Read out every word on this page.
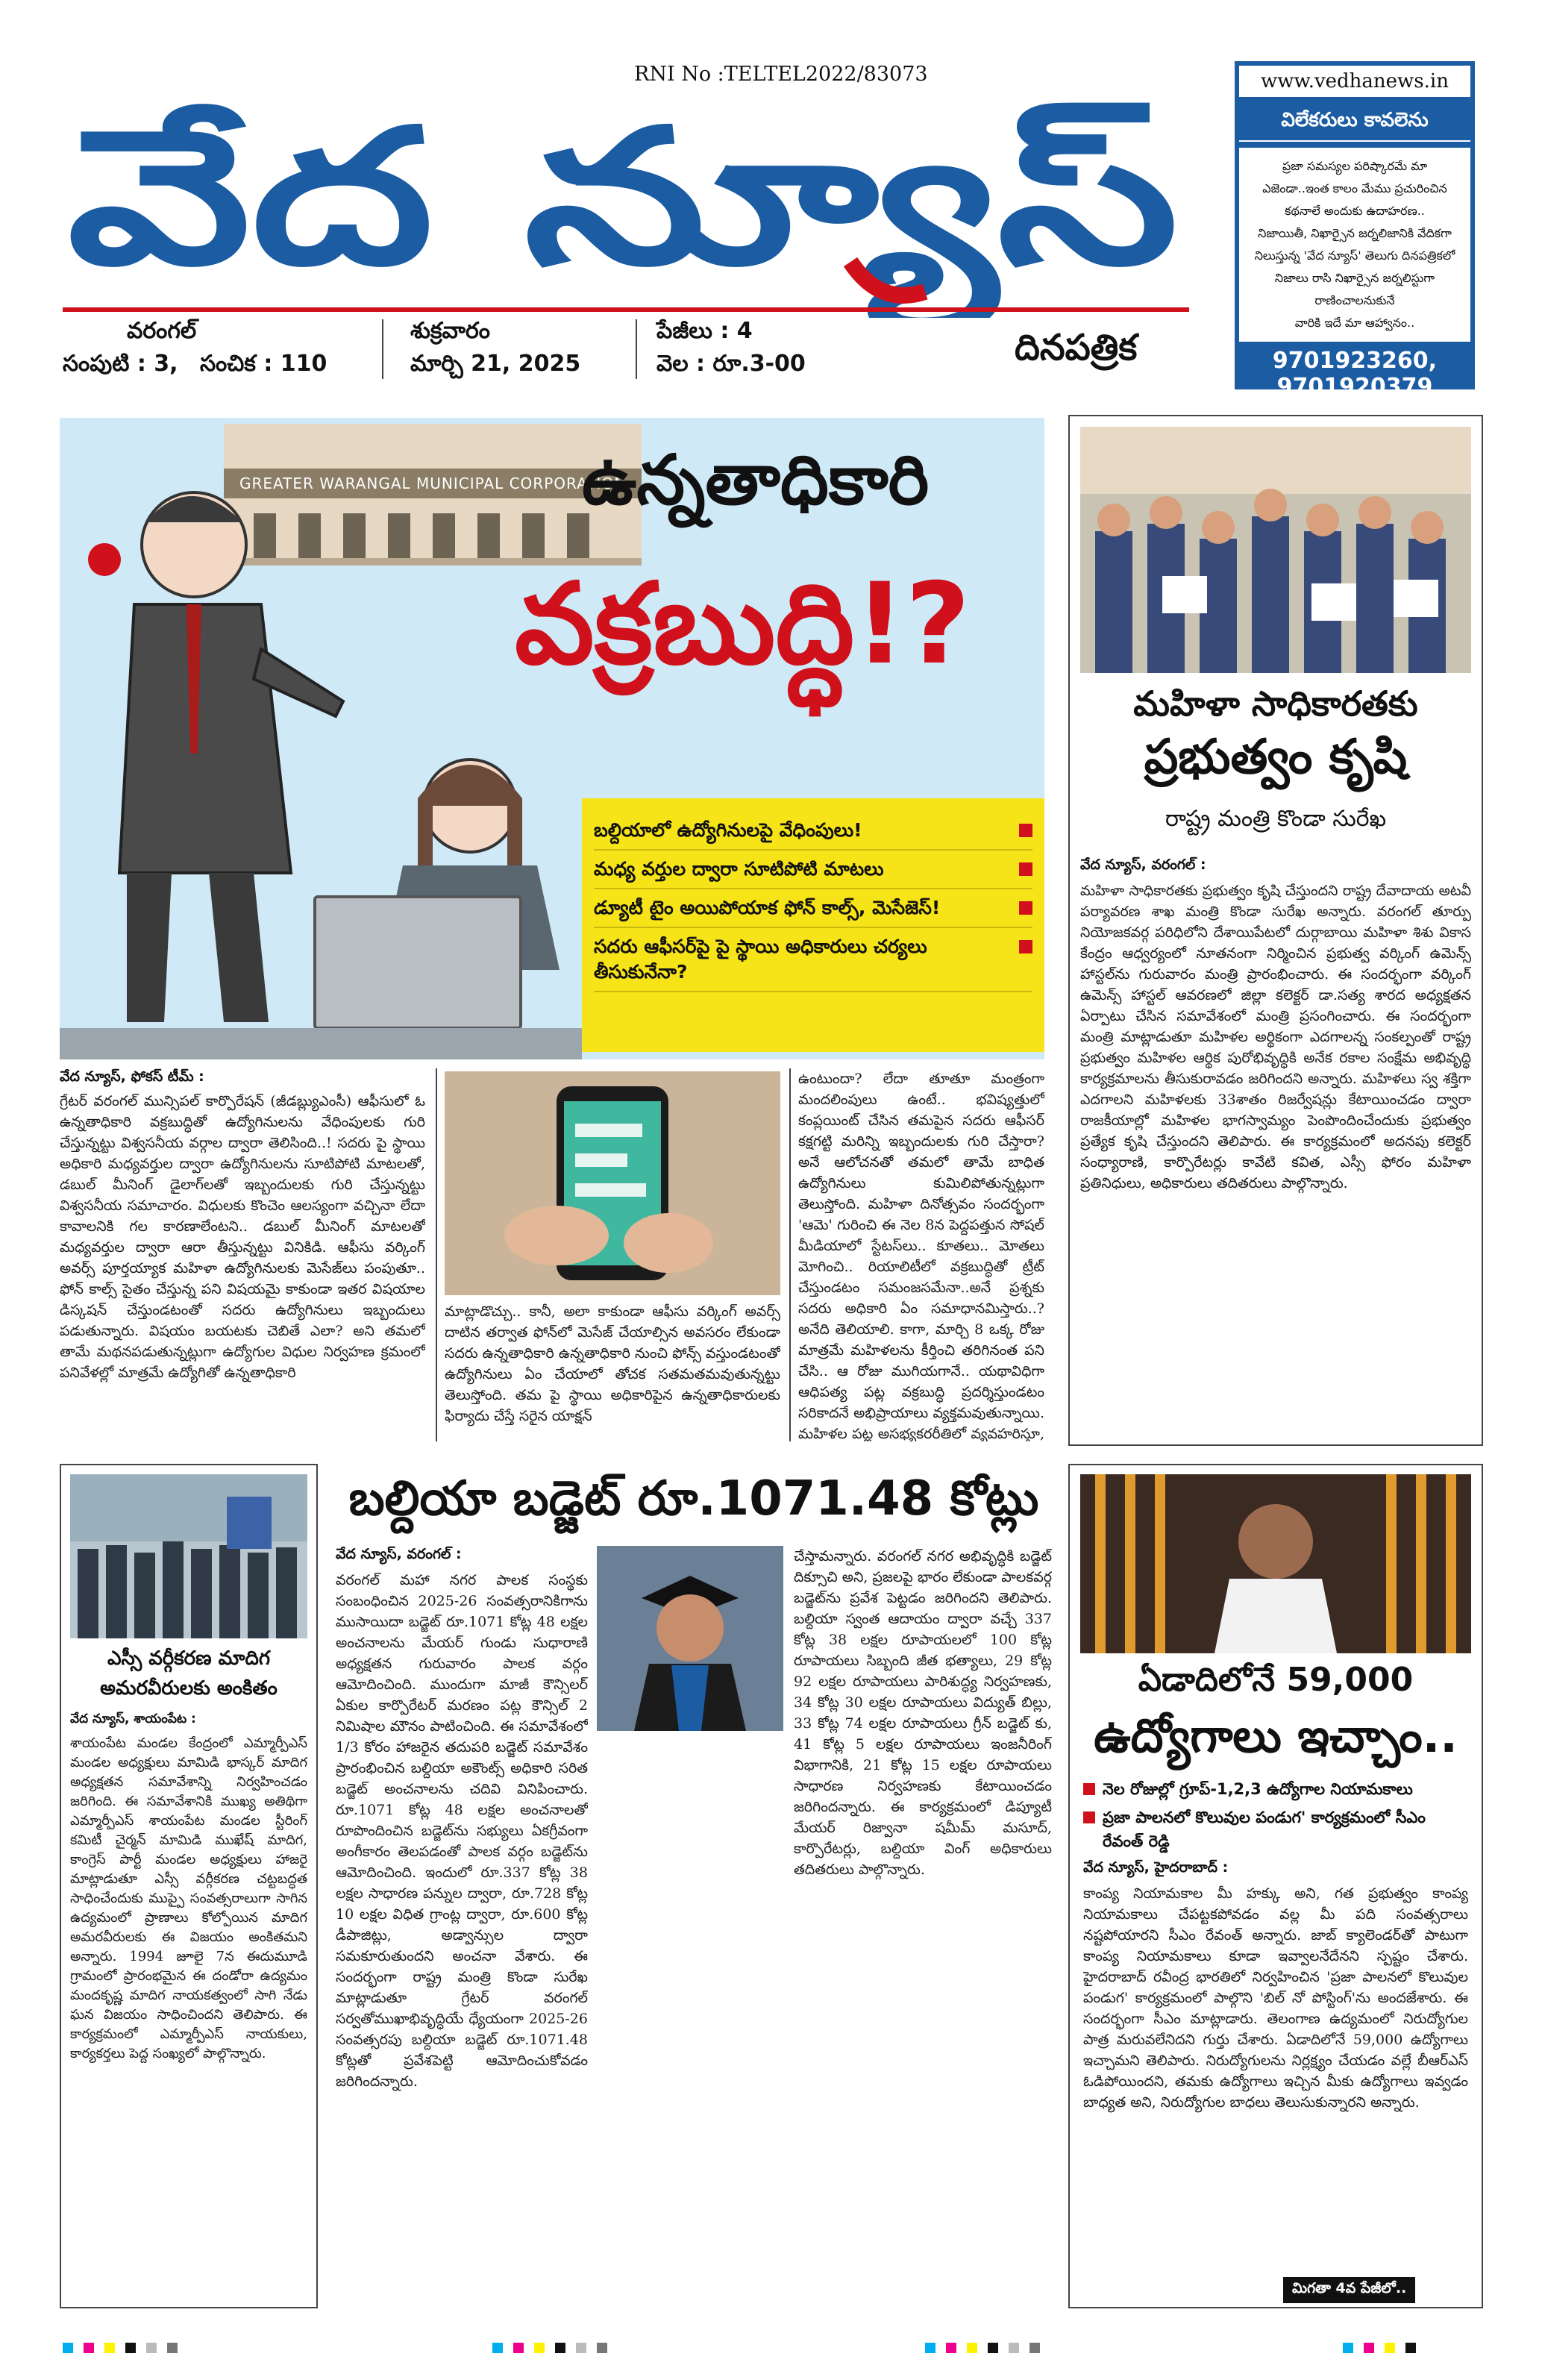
RNI No :TELTEL2022/83073
వేద న్యూస్
వరంగల్
సంపుటి : 3, సంచిక : 110
శుక్రవారం
మార్చి 21, 2025
పేజీలు : 4
వెల : రూ.3-00	దినపత్రిక
www.vedhanews.in
విలేకరులు కావలెను
ప్రజా సమస్యల పరిష్కారమే మా
ఎజెండా..ఇంత కాలం మేము ప్రచురించిన
కథనాలే అందుకు ఉదాహరణ..
నిజాయితీ, నిఖార్సైన జర్నలిజానికి వేదికగా
నిలుస్తున్న 'వేద న్యూస్' తెలుగు దినపత్రికలో
నిజాలు రాసి నిఖార్సైన జర్నలిస్టుగా
రాణించాలనుకునే
వారికి ఇదే మా ఆహ్వానం..
9701923260,
9701920379
GREATER WARANGAL MUNICIPAL CORPORATION
ఉన్నతాధికారి
వక్రబుద్ధి!?
బల్దియాలో ఉద్యోగినులపై వేధింపులు!
మధ్య వర్తుల ద్వారా సూటిపోటి మాటలు
డ్యూటీ టైం అయిపోయాక ఫోన్ కాల్స్, మెసేజెస్!
సదరు ఆఫీసర్‌పై పై స్థాయి అధికారులు చర్యలు తీసుకునేనా?
వేద న్యూస్, ఫోకస్ టీమ్ :
గ్రేటర్ వరంగల్ మున్సిపల్ కార్పొరేషన్ (జీడబ్ల్యుఎంసీ) ఆఫీసులో ఓ ఉన్నతాధికారి వక్రబుద్ధితో ఉద్యోగినులను వేధింపులకు గురి చేస్తున్నట్టు విశ్వసనీయ వర్గాల ద్వారా తెలిసింది..! సదరు పై స్థాయి అధికారి మధ్యవర్తుల ద్వారా ఉద్యోగినులను సూటిపోటి మాటలతో, డబుల్ మీనింగ్ డైలాగ్‌లతో ఇబ్బందులకు గురి చేస్తున్నట్టు విశ్వసనీయ సమాచారం. విధులకు కొంచెం ఆలస్యంగా వచ్చినా లేదా కావాలనికి గల కారణాలేంటని.. డబుల్ మీనింగ్ మాటలతో మధ్యవర్తుల ద్వారా ఆరా తీస్తున్నట్టు వినికిడి. ఆఫీసు వర్కింగ్ అవర్స్ పూర్తయ్యాక మహిళా ఉద్యోగినులకు మెసేజ్‌లు పంపుతూ.. ఫోన్ కాల్స్ సైతం చేస్తున్న పని విషయమై కాకుండా ఇతర విషయాల డిస్కషన్ చేస్తుండటంతో సదరు ఉద్యోగినులు ఇబ్బందులు పడుతున్నారు. విషయం బయటకు చెబితే ఎలా? అని తమలో తామే మథనపడుతున్నట్లుగా ఉద్యోగుల విధుల నిర్వహణ క్రమంలో పనివేళల్లో మాత్రమే ఉద్యోగితో ఉన్నతాధికారి
మాట్లాడొచ్చు.. కానీ, అలా కాకుండా ఆఫీసు వర్కింగ్ అవర్స్ దాటిన తర్వాత ఫోన్‌లో మెసేజ్ చేయాల్సిన అవసరం లేకుండా సదరు ఉన్నతాధికారి ఉన్నతాధికారి నుంచి ఫోన్స్ వస్తుండటంతో ఉద్యోగినులు ఏం చేయాలో తోచక సతమతమవుతున్నట్టు తెలుస్తోంది. తమ పై స్థాయి అధికారిపైన ఉన్నతాధికారులకు ఫిర్యాదు చేస్తే సరైన యాక్షన్
ఉంటుందా? లేదా తూతూ మంత్రంగా మందలింపులు ఉంటే.. భవిష్యత్తులో కంప్లయింట్ చేసిన తమపైన సదరు ఆఫీసర్ కక్షగట్టి మరిన్ని ఇబ్బందులకు గురి చేస్తారా? అనే ఆలోచనతో తమలో తామే బాధిత ఉద్యోగినులు కుమిలిపోతున్నట్లుగా తెలుస్తోంది. మహిళా దినోత్సవం సందర్భంగా 'ఆమె' గురించి ఈ నెల 8న పెద్దపత్తున సోషల్ మీడియాలో స్టేటస్‌లు.. కూతలు.. మోతలు మోగించి.. రియాలిటీలో వక్రబుద్ధితో ట్రీట్ చేస్తుండటం సమంజసమేనా..అనే ప్రశ్నకు సదరు అధికారి ఏం సమాధానమిస్తారు..? అనేది తెలియాలి. కాగా, మార్చి 8 ఒక్క రోజు మాత్రమే మహిళలను కీర్తించి తరిగినంత పని చేసి.. ఆ రోజు ముగియగానే.. యథావిధిగా ఆధిపత్య పట్ల వక్రబుద్ధి ప్రదర్శిస్తుండటం సరికాదనే అభిప్రాయాలు వ్యక్తమవుతున్నాయి. మహిళల పట్ల అసభ్యకరరీతిలో వ్యవహరిస్తూ,
మహిళా సాధికారతకు
ప్రభుత్వం కృషి
రాష్ట్ర మంత్రి కొండా సురేఖ
వేద న్యూస్, వరంగల్ :
మహిళా సాధికారతకు ప్రభుత్వం కృషి చేస్తుందని రాష్ట్ర దేవాదాయ అటవీ పర్యావరణ శాఖ మంత్రి కొండా సురేఖ అన్నారు. వరంగల్ తూర్పు నియోజకవర్గ పరిధిలోని దేశాయిపేటలో దుర్గాబాయి మహిళా శిశు వికాస కేంద్రం ఆధ్వర్యంలో నూతనంగా నిర్మించిన ప్రభుత్వ వర్కింగ్ ఉమెన్స్ హాస్టల్‌ను గురువారం మంత్రి ప్రారంభించారు. ఈ సందర్భంగా వర్కింగ్ ఉమెన్స్ హాస్టల్ ఆవరణలో జిల్లా కలెక్టర్ డా.సత్య శారద అధ్యక్షతన ఏర్పాటు చేసిన సమావేశంలో మంత్రి ప్రసంగించారు. ఈ సందర్భంగా మంత్రి మాట్లాడుతూ మహిళల అర్థికంగా ఎదగాలన్న సంకల్పంతో రాష్ట్ర ప్రభుత్వం మహిళల ఆర్థిక పురోభివృద్ధికి అనేక రకాల సంక్షేమ అభివృద్ధి కార్యక్రమాలను తీసుకురావడం జరిగిందని అన్నారు. మహిళలు స్వ శక్తిగా ఎదగాలని మహిళలకు 33శాతం రిజర్వేషన్లు కేటాయించడం ద్వారా రాజకీయాల్లో మహిళల భాగస్వామ్యం పెంపొందించేందుకు ప్రభుత్వం ప్రత్యేక కృషి చేస్తుందని తెలిపారు. ఈ కార్యక్రమంలో అదనపు కలెక్టర్ సంధ్యారాణి, కార్పొరేటర్లు కావేటి కవిత, ఎస్సీ ఫోరం మహిళా ప్రతినిధులు, అధికారులు తదితరులు పాల్గొన్నారు.
ఎస్సీ వర్గీకరణ మాదిగ
అమరవీరులకు అంకితం
వేద న్యూస్, శాయంపేట :
శాయంపేట మండల కేంద్రంలో ఎమ్మార్పీఎస్ మండల అధ్యక్షులు మామిడి భాస్కర్ మాదిగ అధ్యక్షతన సమావేశాన్ని నిర్వహించడం జరిగింది. ఈ సమావేశానికి ముఖ్య అతిథిగా ఎమ్మార్పీఎస్ శాయంపేట మండల స్టీరింగ్ కమిటీ చైర్మన్ మామిడి ముఖేష్ మాదిగ, కాంగ్రెస్ పార్టీ మండల అధ్యక్షులు హాజరై మాట్లాడుతూ ఎస్సీ వర్గీకరణ చట్టబద్ధత సాధించేందుకు ముప్పై సంవత్సరాలుగా సాగిన ఉద్యమంలో ప్రాణాలు కోల్పోయిన మాదిగ అమరవీరులకు ఈ విజయం అంకితమని అన్నారు. 1994 జూలై 7న ఈదుమూడి గ్రామంలో ప్రారంభమైన ఈ దండోరా ఉద్యమం మందకృష్ణ మాదిగ నాయకత్వంలో సాగి నేడు ఘన విజయం సాధించిందని తెలిపారు. ఈ కార్యక్రమంలో ఎమ్మార్పీఎస్ నాయకులు, కార్యకర్తలు పెద్ద సంఖ్యలో పాల్గొన్నారు.
బల్దియా బడ్జెట్ రూ.1071.48 కోట్లు
వేద న్యూస్, వరంగల్ :
వరంగల్ మహా నగర పాలక సంస్థకు సంబంధించిన 2025-26 సంవత్సరానికిగాను ముసాయిదా బడ్జెట్ రూ.1071 కోట్ల 48 లక్షల అంచనాలను మేయర్ గుండు సుధారాణి అధ్యక్షతన గురువారం పాలక వర్గం ఆమోదించింది. ముందుగా మాజీ కౌన్సిలర్ ఏకుల కార్పొరేటర్ మరణం పట్ల కౌన్సిల్ 2 నిమిషాల మౌనం పాటించింది. ఈ సమావేశంలో 1/3 కోరం హాజరైన తదుపరి బడ్జెట్ సమావేశం ప్రారంభించిన బల్దియా అకౌంట్స్ అధికారి సరిత బడ్జెట్ అంచనాలను చదివి వినిపించారు. రూ.1071 కోట్ల 48 లక్షల అంచనాలతో రూపొందించిన బడ్జెట్‌ను సభ్యులు ఏకగ్రీవంగా అంగీకారం తెలపడంతో పాలక వర్గం బడ్జెట్‌ను ఆమోదించింది. ఇందులో రూ.337 కోట్ల 38 లక్షల సాధారణ పన్నుల ద్వారా, రూ.728 కోట్ల 10 లక్షల విధిత గ్రాంట్ల ద్వారా, రూ.600 కోట్ల డీపాజిట్లు, అడ్వాన్సుల ద్వారా సమకూరుతుందని అంచనా వేశారు. ఈ సందర్భంగా రాష్ట్ర మంత్రి కొండా సురేఖ మాట్లాడుతూ గ్రేటర్ వరంగల్ సర్వతోముఖాభివృద్ధియే ధ్యేయంగా 2025-26 సంవత్సరపు బల్దియా బడ్జెట్ రూ.1071.48 కోట్లతో ప్రవేశపెట్టి ఆమోదించుకోవడం జరిగిందన్నారు.
చేస్తామన్నారు. వరంగల్ నగర అభివృద్ధికి బడ్జెట్ దిక్సూచి అని, ప్రజలపై భారం లేకుండా పాలకవర్గ బడ్జెట్‌ను ప్రవేశ పెట్టడం జరిగిందని తెలిపారు. బల్దియా స్వంత ఆదాయం ద్వారా వచ్చే 337 కోట్ల 38 లక్షల రూపాయలలో 100 కోట్ల రూపాయలు సిబ్బంది జీత భత్యాలు, 29 కోట్ల 92 లక్షల రూపాయలు పారిశుద్ధ్య నిర్వహణకు, 34 కోట్ల 30 లక్షల రూపాయలు విద్యుత్ బిల్లు, 33 కోట్ల 74 లక్షల రూపాయలు గ్రీన్ బడ్జెట్ కు, 41 కోట్ల 5 లక్షల రూపాయలు ఇంజనీరింగ్ విభాగానికి, 21 కోట్ల 15 లక్షల రూపాయలు సాధారణ నిర్వహణకు కేటాయించడం జరిగిందన్నారు. ఈ కార్యక్రమంలో డిప్యూటీ మేయర్ రిజ్వానా షమీమ్ మసూద్, కార్పొరేటర్లు, బల్దియా వింగ్ అధికారులు తదితరులు పాల్గొన్నారు.
ఏడాదిలోనే 59,000
ఉద్యోగాలు ఇచ్చాం..
నెల రోజుల్లో గ్రూప్-1,2,3 ఉద్యోగాల నియామకాలు
ప్రజా పాలనలో కొలువుల పండుగ' కార్యక్రమంలో సీఎం రేవంత్ రెడ్డి
వేద న్యూస్, హైదరాబాద్ :
కాంప్య నియామకాల మీ హక్కు అని, గత ప్రభుత్వం కాంప్య నియామకాలు చేపట్టకపోవడం వల్ల మీ పది సంవత్సరాలు నష్టపోయారని సీఎం రేవంత్ అన్నారు. జాబ్ క్యాలెండర్‌తో పాటుగా కాంప్య నియామకాలు కూడా ఇవ్వాలనేదేనని స్పష్టం చేశారు. హైదరాబాద్ రవీంద్ర భారతిలో నిర్వహించిన 'ప్రజా పాలనలో కొలువుల పండుగ' కార్యక్రమంలో పాల్గొని 'బిల్ నో పోస్టింగ్'ను అందజేశారు. ఈ సందర్భంగా సీఎం మాట్లాడారు. తెలంగాణ ఉద్యమంలో నిరుద్యోగుల పాత్ర మరువలేనిదని గుర్తు చేశారు. ఏడాదిలోనే 59,000 ఉద్యోగాలు ఇచ్చామని తెలిపారు. నిరుద్యోగులను నిర్లక్ష్యం చేయడం వల్లే బీఆర్ఎస్ ఓడిపోయిందని, తమకు ఉద్యోగాలు ఇచ్చిన మీకు ఉద్యోగాలు ఇవ్వడం బాధ్యత అని, నిరుద్యోగుల బాధలు తెలుసుకున్నారని అన్నారు.
మిగతా 4వ పేజీలో..
